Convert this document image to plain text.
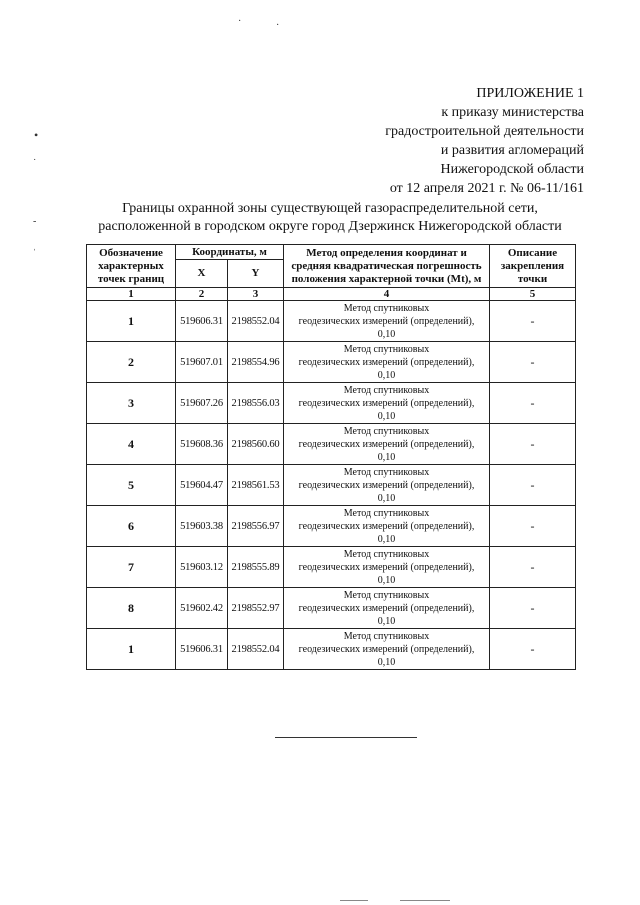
ПРИЛОЖЕНИЕ 1
к приказу министерства
градостроительной деятельности
и развития агломераций
Нижегородской области
от 12 апреля 2021 г. № 06-11/161
Границы охранной зоны существующей газораспределительной сети,
расположенной в городском округе город Дзержинск Нижегородской области
Обозначение характерных точек границ	Координаты, м		Метод определения координат и средняя квадратическая погрешность положения характерной точки (Mt), м	Описание закрепления точки
	X	Y		
1	2	3	4	5
1	519606.31	2198552.04	Метод спутниковых
геодезических измерений (определений),
0,10	-
2	519607.01	2198554.96	Метод спутниковых
геодезических измерений (определений),
0,10	-
3	519607.26	2198556.03	Метод спутниковых
геодезических измерений (определений),
0,10	-
4	519608.36	2198560.60	Метод спутниковых
геодезических измерений (определений),
0,10	-
5	519604.47	2198561.53	Метод спутниковых
геодезических измерений (определений),
0,10	-
6	519603.38	2198556.97	Метод спутниковых
геодезических измерений (определений),
0,10	-
7	519603.12	2198555.89	Метод спутниковых
геодезических измерений (определений),
0,10	-
8	519602.42	2198552.97	Метод спутниковых
геодезических измерений (определений),
0,10	-
1	519606.31	2198552.04	Метод спутниковых
геодезических измерений (определений),
0,10	-
•
˙
-
ˈ
·	·
